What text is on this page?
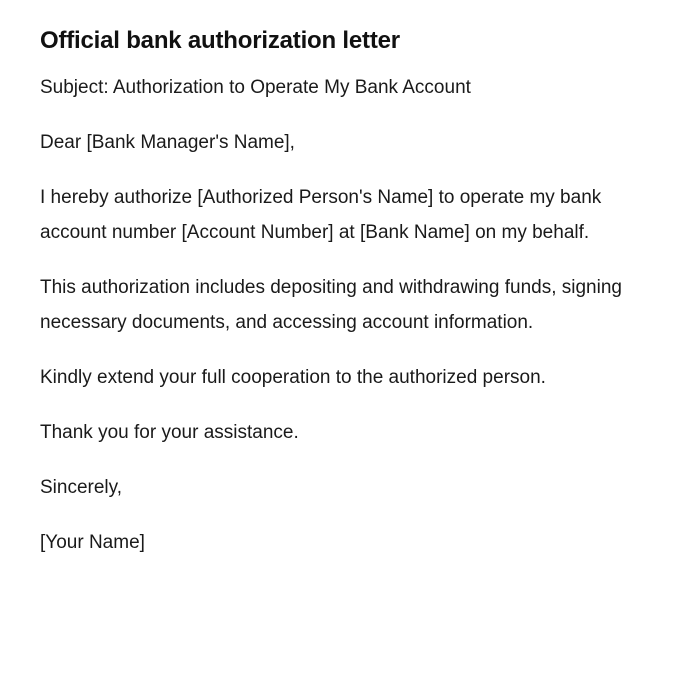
Official bank authorization letter

Subject: Authorization to Operate My Bank Account

Dear [Bank Manager's Name],

I hereby authorize [Authorized Person's Name] to operate my bank account number [Account Number] at [Bank Name] on my behalf.

This authorization includes depositing and withdrawing funds, signing necessary documents, and accessing account information.

Kindly extend your full cooperation to the authorized person.

Thank you for your assistance.

Sincerely,

[Your Name]
